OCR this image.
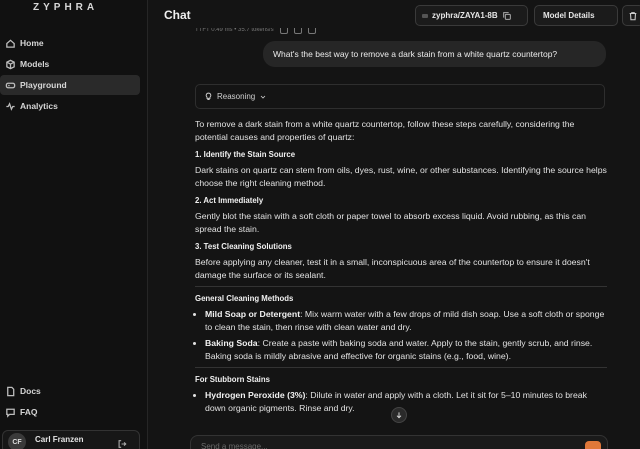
ZYPHRA
Home
Models
Playground
Analytics
Docs
FAQ
CF	Carl Franzen
Chat	zyphra/ZAYA1-8B	Model Details
TTFT 0.49 ms • 35.7 tokens/s
What's the best way to remove a dark stain from a white quartz countertop?
Reasoning

To remove a dark stain from a white quartz countertop, follow these steps carefully, considering the potential causes and properties of quartz:

1. Identify the Stain Source

Dark stains on quartz can stem from oils, dyes, rust, wine, or other substances. Identifying the source helps choose the right cleaning method.

2. Act Immediately

Gently blot the stain with a soft cloth or paper towel to absorb excess liquid. Avoid rubbing, as this can spread the stain.

3. Test Cleaning Solutions

Before applying any cleaner, test it in a small, inconspicuous area of the countertop to ensure it doesn't damage the surface or its sealant.

General Cleaning Methods
• Mild Soap or Detergent: Mix warm water with a few drops of mild dish soap. Use a soft cloth or sponge to clean the stain, then rinse with clean water and dry.
• Baking Soda: Create a paste with baking soda and water. Apply to the stain, gently scrub, and rinse. Baking soda is mildly abrasive and effective for organic stains (e.g., food, wine).
For Stubborn Stains
• Hydrogen Peroxide (3%): Dilute in water and apply with a cloth. Let it sit for 5–10 minutes to break down organic pigments. Rinse and dry.
Send a message...
